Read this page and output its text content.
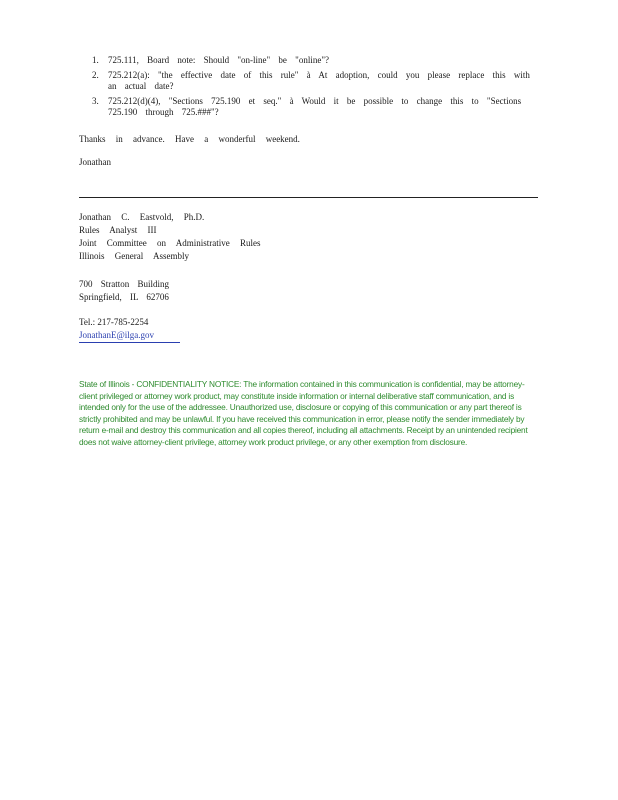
1. 725.111, Board note: Should "on-line" be "online"?
2. 725.212(a): "the effective date of this rule" à At adoption, could you please replace this with
an actual date?
3. 725.212(d)(4), "Sections 725.190 et seq." à Would it be possible to change this to "Sections
725.190 through 725.###"?
Thanks in advance. Have a wonderful weekend.
Jonathan
Jonathan C. Eastvold, Ph.D.
Rules Analyst III
Joint Committee on Administrative Rules
Illinois General Assembly
700 Stratton Building
Springfield, IL 62706
Tel.: 217-785-2254
JonathanE@ilga.gov
State of Illinois - CONFIDENTIALITY NOTICE: The information contained in this communication is confidential, may be attorney-client privileged or attorney work product, may constitute inside information or internal deliberative staff communication, and is intended only for the use of the addressee. Unauthorized use, disclosure or copying of this communication or any part thereof is strictly prohibited and may be unlawful. If you have received this communication in error, please notify the sender immediately by return e-mail and destroy this communication and all copies thereof, including all attachments. Receipt by an unintended recipient does not waive attorney-client privilege, attorney work product privilege, or any other exemption from disclosure.
